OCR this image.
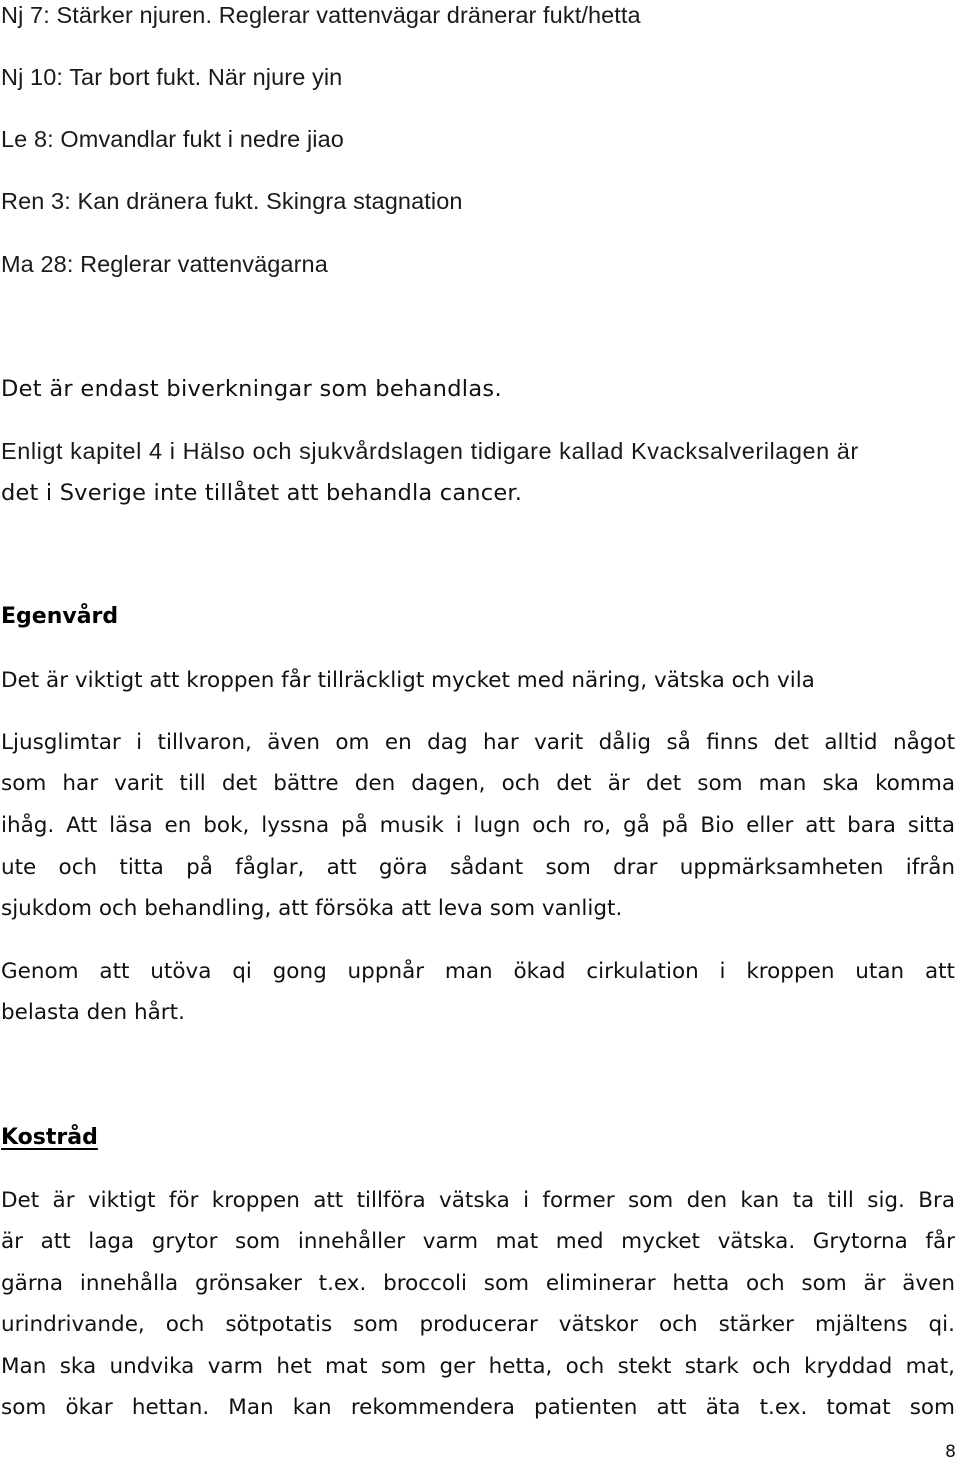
Nj 7: Stärker njuren. Reglerar vattenvägar dränerar fukt/hetta

Nj 10: Tar bort fukt. När njure yin

Le 8: Omvandlar fukt i nedre jiao

Ren 3: Kan dränera fukt. Skingra stagnation

Ma 28: Reglerar vattenvägarna

Det är endast biverkningar som behandlas.

Enligt kapitel 4 i Hälso och sjukvårdslagen tidigare kallad Kvacksalverilagen är

det i Sverige inte tillåtet att behandla cancer.

Egenvård

Det är viktigt att kroppen får tillräckligt mycket med näring, vätska och vila

Ljusglimtar i tillvaron, även om en dag har varit dålig så finns det alltid något

som har varit till det bättre den dagen, och det är det som man ska komma

ihåg. Att läsa en bok, lyssna på musik i lugn och ro, gå på Bio eller att bara sitta

ute och titta på fåglar, att göra sådant som drar uppmärksamheten ifrån

sjukdom och behandling, att försöka att leva som vanligt.

Genom att utöva qi gong uppnår man ökad cirkulation i kroppen utan att

belasta den hårt.

Kostråd

Det är viktigt för kroppen att tillföra vätska i former som den kan ta till sig. Bra

är att laga grytor som innehåller varm mat med mycket vätska. Grytorna får

gärna innehålla grönsaker t.ex. broccoli som eliminerar hetta och som är även

urindrivande, och sötpotatis som producerar vätskor och stärker mjältens qi.

Man ska undvika varm het mat som ger hetta, och stekt stark och kryddad mat,

som ökar hettan. Man kan rekommendera patienten att äta t.ex. tomat som

8
